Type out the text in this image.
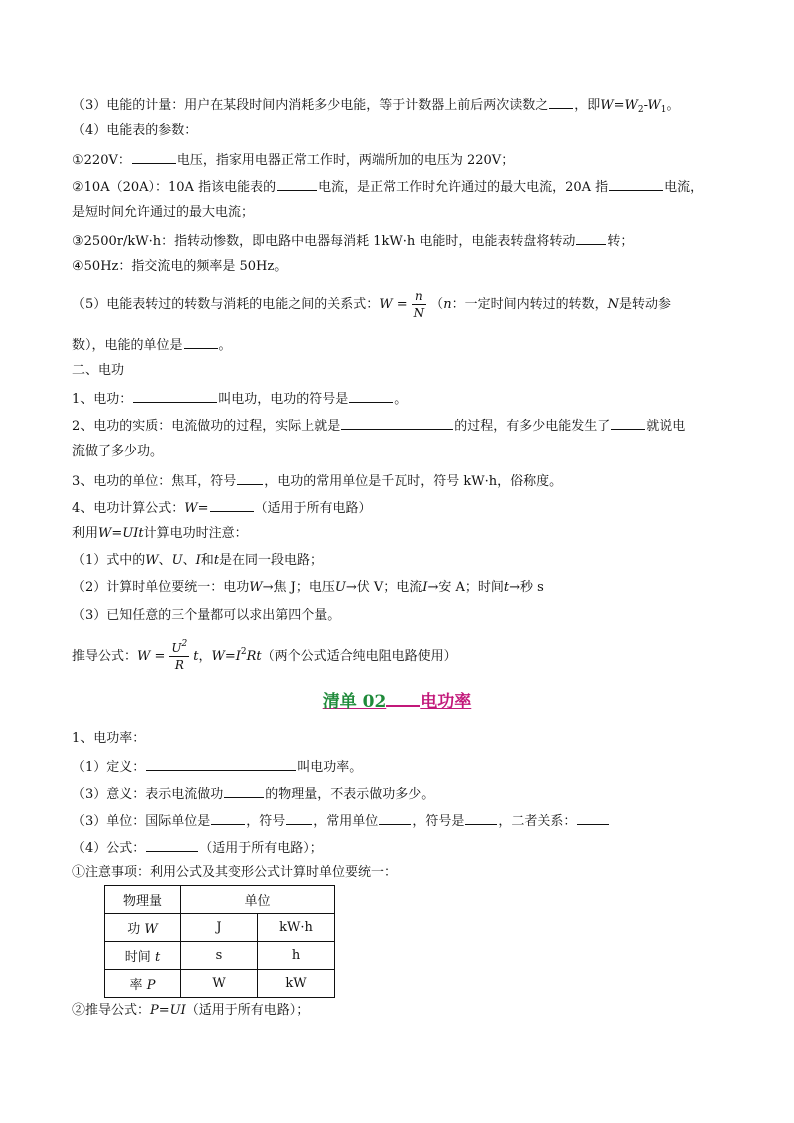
（3）电能的计量：用户在某段时间内消耗多少电能，等于计数器上前后两次读数之 ，即$W=W_2-W_1$。
（4）电能表的参数：
①220V：	电压，指家用电器正常工作时，两端所加的电压为 220V；
②10A（20A）：10A 指该电能表的	电流，是正常工作时允许通过的最大电流，20A 指	电流，
是短时间允许通过的最大电流；
③2500r/kW·h：指转动惨数，即电路中电器每消耗 1kW·h 电能时，电能表转盘将转动 转；
④50Hz：指交流电的频率是 50Hz。
（5）电能表转过的转数与消耗的电能之间的关系式：$W = \frac{n}{N} (n$：一定时间内转过的转数，N是转动参
数），电能的单位是	。
二、电功
1、电功：	叫电功，电功的符号是	。
2、电功的实质：电流做功的过程，实际上就是	的过程，有多少电能发生了	就说电
流做了多少功。
3、电功的单位：焦耳，符号 ，电功的常用单位是千瓦时，符号 kW·h，俗称度。
4、电功计算公式：W=	（适用于所有电路）
利用W=UIt计算电功时注意：
（1）式中的W、U、I和t是在同一段电路；
（2）计算时单位要统一：电功W→焦 J；电压U→伏 V；电流I→安 A；时间t→秒 s
（3）已知任意的三个量都可以求出第四个量。
推导公式：$W = \frac{U^2}{R}$ t，$W=I^2Rt$（两个公式适合纯电阻电路使用）
清单 02 电功率
1、电功率：
（1）定义：	叫电功率。
（3）意义：表示电流做功	的物理量，不表示做功多少。
（3）单位：国际单位是	，符号 ，常用单位	，符号是	，二者关系：
（4）公式：	（适用于所有电路）；
①注意事项：利用公式及其变形公式计算时单位要统一：
物理量	单位	
功 W	J	kW·h
时间 t	s	h
率 P	W	kW
②推导公式：P=UI（适用于所有电路）；
